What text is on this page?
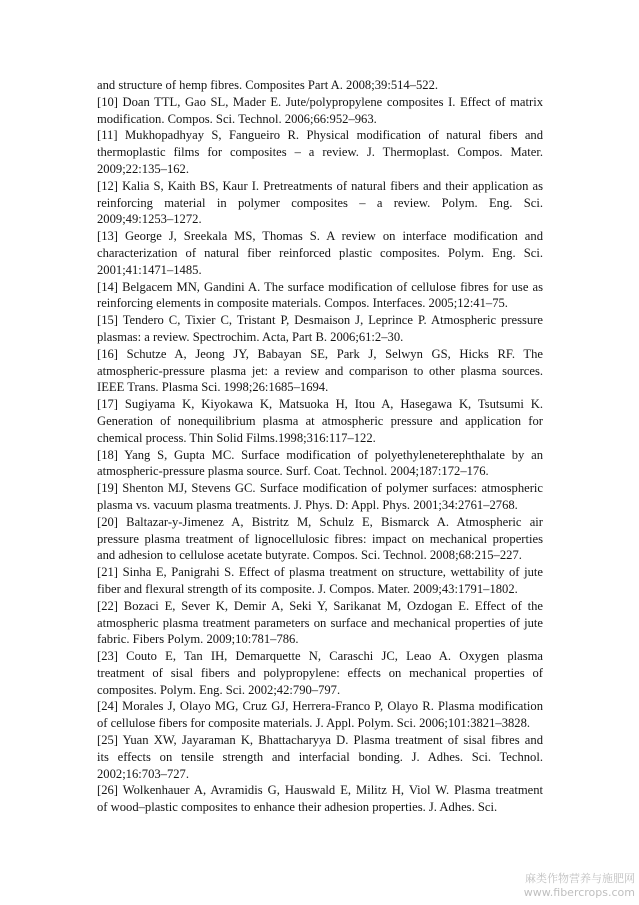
and structure of hemp fibres. Composites Part A. 2008;39:514–522.
[10] Doan TTL, Gao SL, Mader E. Jute/polypropylene composites I. Effect of matrix
modification. Compos. Sci. Technol. 2006;66:952–963.
[11] Mukhopadhyay S, Fangueiro R. Physical modification of natural fibers and
thermoplastic films for composites – a review. J. Thermoplast. Compos. Mater.
2009;22:135–162.
[12] Kalia S, Kaith BS, Kaur I. Pretreatments of natural fibers and their application as
reinforcing material in polymer composites – a review. Polym. Eng. Sci.
2009;49:1253–1272.
[13] George J, Sreekala MS, Thomas S. A review on interface modification and
characterization of natural fiber reinforced plastic composites. Polym. Eng. Sci.
2001;41:1471–1485.
[14] Belgacem MN, Gandini A. The surface modification of cellulose fibres for use as
reinforcing elements in composite materials. Compos. Interfaces. 2005;12:41–75.
[15] Tendero C, Tixier C, Tristant P, Desmaison J, Leprince P. Atmospheric pressure
plasmas: a review. Spectrochim. Acta, Part B. 2006;61:2–30.
[16] Schutze A, Jeong JY, Babayan SE, Park J, Selwyn GS, Hicks RF. The
atmospheric-pressure plasma jet: a review and comparison to other plasma sources.
IEEE Trans. Plasma Sci. 1998;26:1685–1694.
[17] Sugiyama K, Kiyokawa K, Matsuoka H, Itou A, Hasegawa K, Tsutsumi K.
Generation of nonequilibrium plasma at atmospheric pressure and application for
chemical process. Thin Solid Films.1998;316:117–122.
[18] Yang S, Gupta MC. Surface modification of polyethyleneterephthalate by an
atmospheric-pressure plasma source. Surf. Coat. Technol. 2004;187:172–176.
[19] Shenton MJ, Stevens GC. Surface modification of polymer surfaces: atmospheric
plasma vs. vacuum plasma treatments. J. Phys. D: Appl. Phys. 2001;34:2761–2768.
[20] Baltazar-y-Jimenez A, Bistritz M, Schulz E, Bismarck A. Atmospheric air
pressure plasma treatment of lignocellulosic fibres: impact on mechanical properties
and adhesion to cellulose acetate butyrate. Compos. Sci. Technol. 2008;68:215–227.
[21] Sinha E, Panigrahi S. Effect of plasma treatment on structure, wettability of jute
fiber and flexural strength of its composite. J. Compos. Mater. 2009;43:1791–1802.
[22] Bozaci E, Sever K, Demir A, Seki Y, Sarikanat M, Ozdogan E. Effect of the
atmospheric plasma treatment parameters on surface and mechanical properties of jute
fabric. Fibers Polym. 2009;10:781–786.
[23] Couto E, Tan IH, Demarquette N, Caraschi JC, Leao A. Oxygen plasma
treatment of sisal fibers and polypropylene: effects on mechanical properties of
composites. Polym. Eng. Sci. 2002;42:790–797.
[24] Morales J, Olayo MG, Cruz GJ, Herrera-Franco P, Olayo R. Plasma modification
of cellulose fibers for composite materials. J. Appl. Polym. Sci. 2006;101:3821–3828.
[25] Yuan XW, Jayaraman K, Bhattacharyya D. Plasma treatment of sisal fibres and
its effects on tensile strength and interfacial bonding. J. Adhes. Sci. Technol.
2002;16:703–727.
[26] Wolkenhauer A, Avramidis G, Hauswald E, Militz H, Viol W. Plasma treatment
of wood–plastic composites to enhance their adhesion properties. J. Adhes. Sci.
麻类作物营养与施肥网
www.fibercrops.com
